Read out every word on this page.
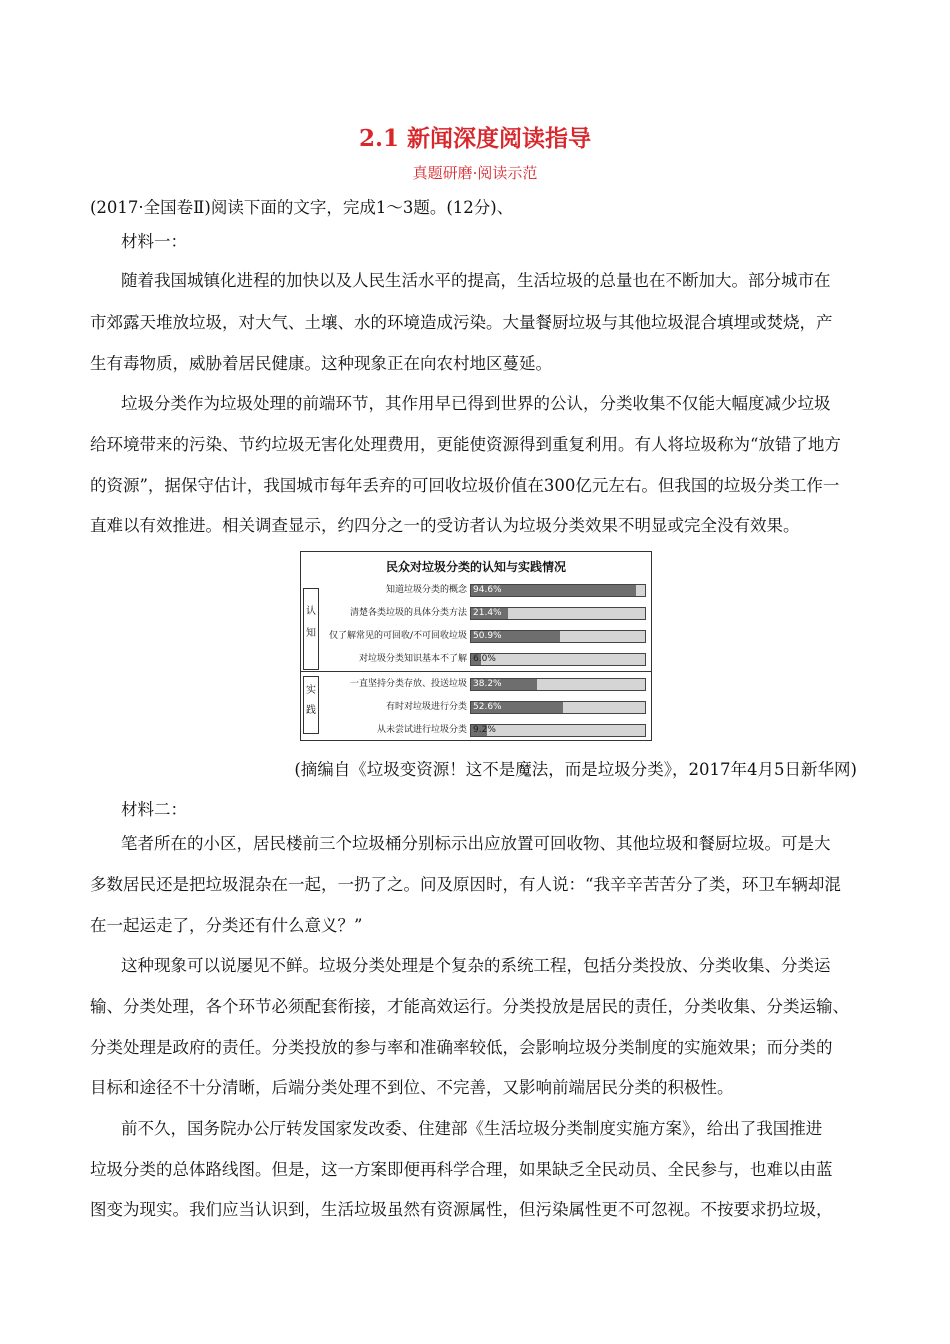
2.1 新闻深度阅读指导
真题研磨·阅读示范
(2017·全国卷Ⅱ)阅读下面的文字，完成1～3题。(12分)、
材料一：
随着我国城镇化进程的加快以及人民生活水平的提高，生活垃圾的总量也在不断加大。部分城市在
市郊露天堆放垃圾，对大气、土壤、水的环境造成污染。大量餐厨垃圾与其他垃圾混合填埋或焚烧，产
生有毒物质，威胁着居民健康。这种现象正在向农村地区蔓延。
垃圾分类作为垃圾处理的前端环节，其作用早已得到世界的公认，分类收集不仅能大幅度减少垃圾
给环境带来的污染、节约垃圾无害化处理费用，更能使资源得到重复利用。有人将垃圾称为“放错了地方
的资源”，据保守估计，我国城市每年丢弃的可回收垃圾价值在300亿元左右。但我国的垃圾分类工作一
直难以有效推进。相关调查显示，约四分之一的受访者认为垃圾分类效果不明显或完全没有效果。
民众对垃圾分类的认知与实践情况
认
知
实
践
知道垃圾分类的概念 94.6%
清楚各类垃圾的具体分类方法 21.4%
仅了解常见的可回收/不可回收垃圾 50.9%
对垃圾分类知识基本不了解 6.0%
一直坚持分类存放、投送垃圾 38.2%
有时对垃圾进行分类 52.6%
从未尝试进行垃圾分类 9.2%
(摘编自《垃圾变资源！这不是魔法，而是垃圾分类》，2017年4月5日新华网)
材料二：
笔者所在的小区，居民楼前三个垃圾桶分别标示出应放置可回收物、其他垃圾和餐厨垃圾。可是大
多数居民还是把垃圾混杂在一起，一扔了之。问及原因时，有人说：“我辛辛苦苦分了类，环卫车辆却混
在一起运走了，分类还有什么意义？”
这种现象可以说屡见不鲜。垃圾分类处理是个复杂的系统工程，包括分类投放、分类收集、分类运
输、分类处理，各个环节必须配套衔接，才能高效运行。分类投放是居民的责任，分类收集、分类运输、
分类处理是政府的责任。分类投放的参与率和准确率较低，会影响垃圾分类制度的实施效果；而分类的
目标和途径不十分清晰，后端分类处理不到位、不完善，又影响前端居民分类的积极性。
前不久，国务院办公厅转发国家发改委、住建部《生活垃圾分类制度实施方案》，给出了我国推进
垃圾分类的总体路线图。但是，这一方案即便再科学合理，如果缺乏全民动员、全民参与，也难以由蓝
图变为现实。我们应当认识到，生活垃圾虽然有资源属性，但污染属性更不可忽视。不按要求扔垃圾，
